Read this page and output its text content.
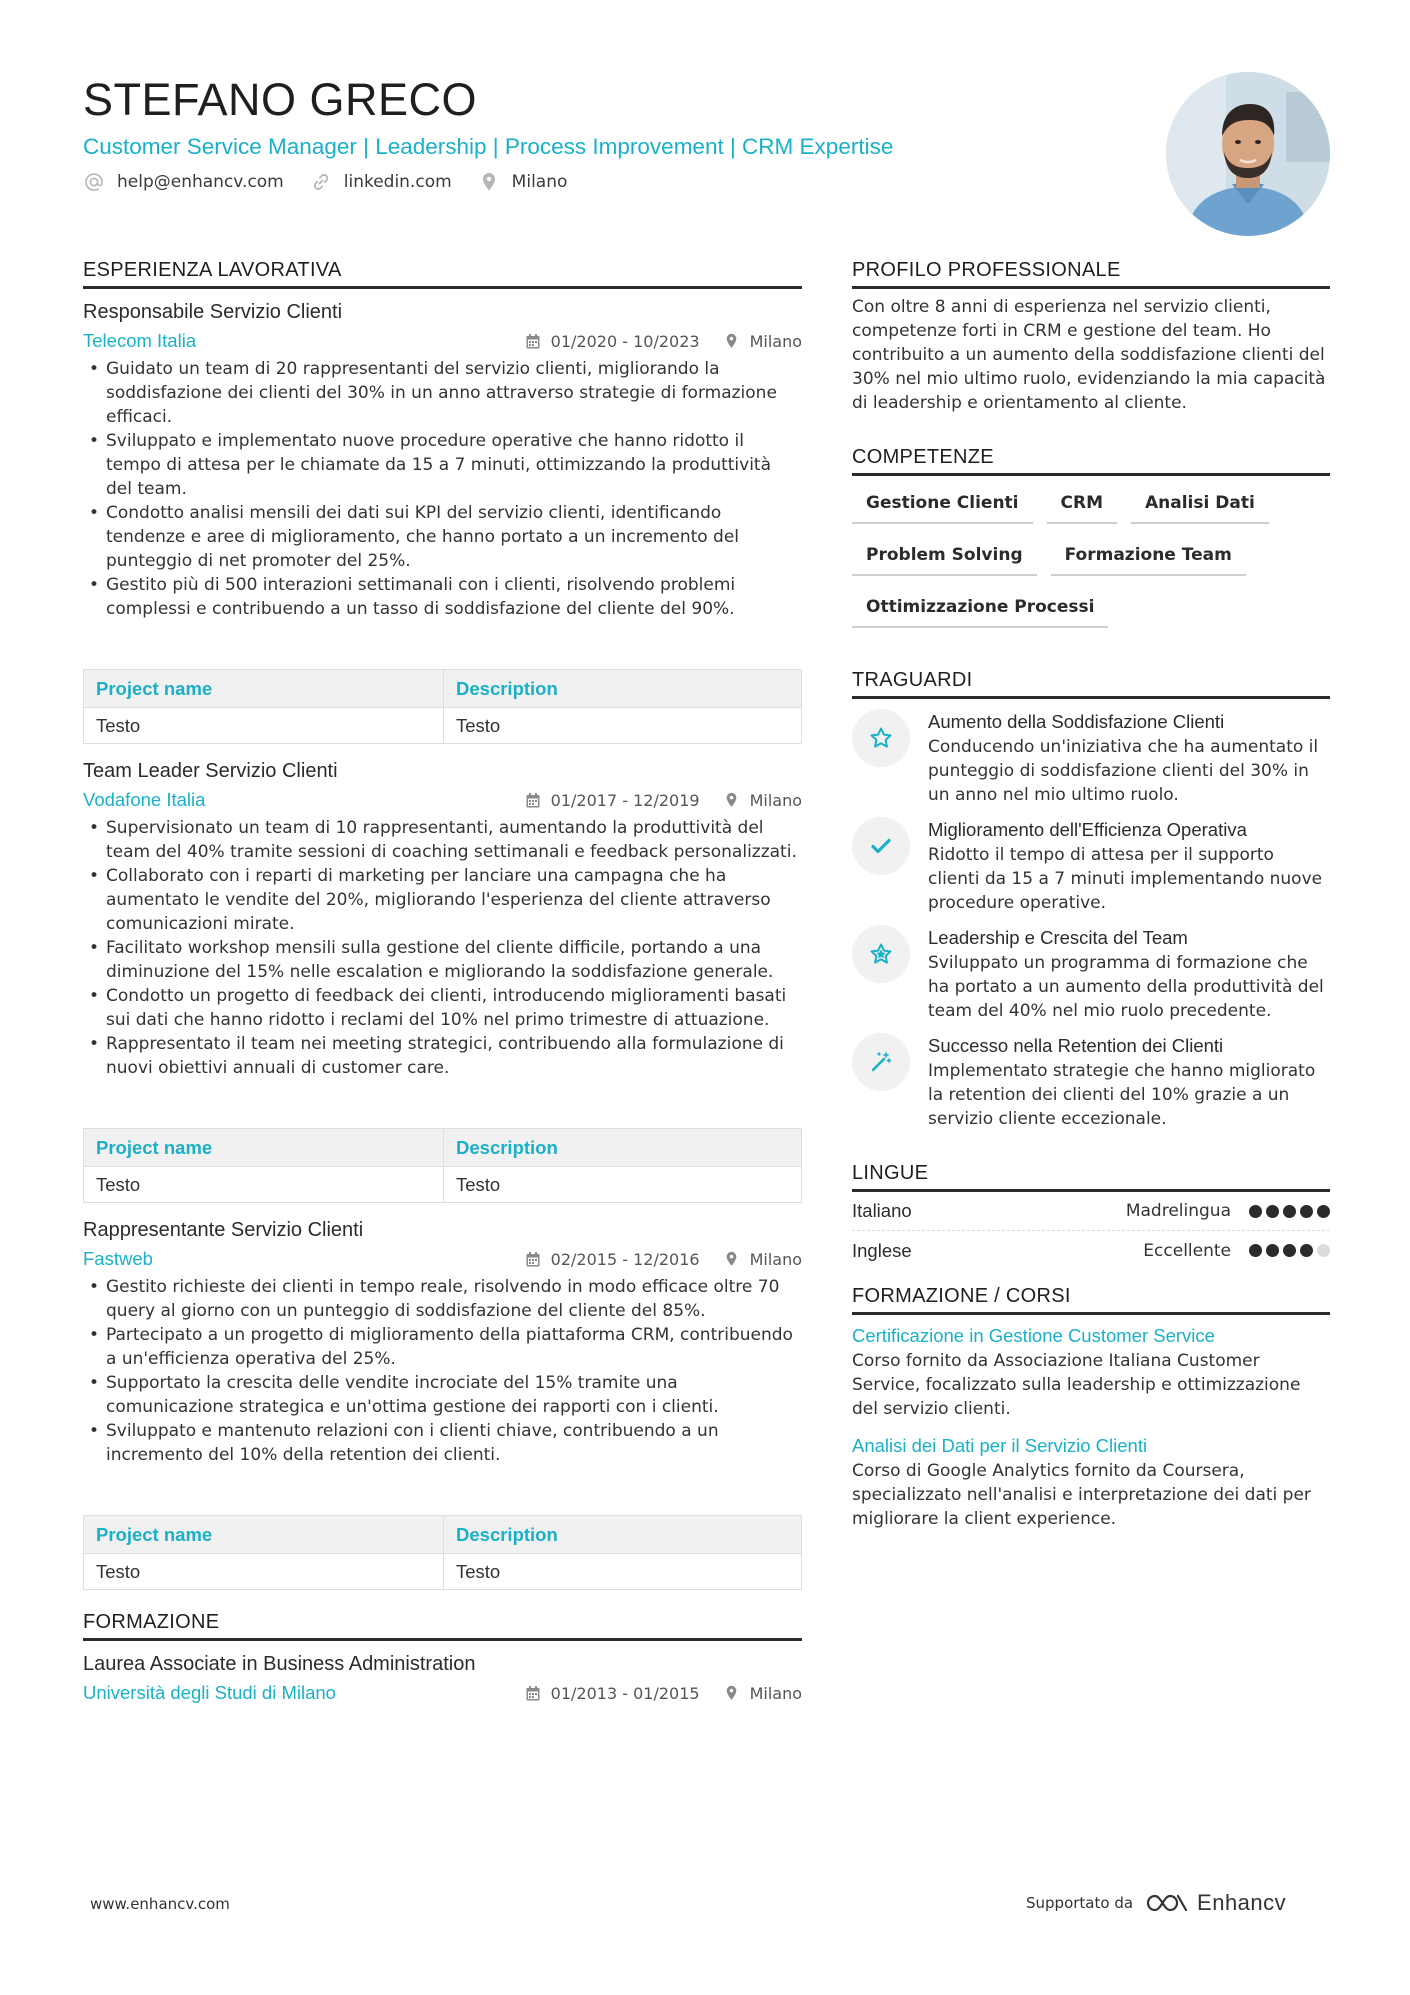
STEFANO GRECO
Customer Service Manager | Leadership | Process Improvement | CRM Expertise
help@enhancv.com	linkedin.com	Milano
ESPERIENZA LAVORATIVA
Responsabile Servizio Clienti
Telecom Italia	01/2020 - 10/2023	Milano
• Guidato un team di 20 rappresentanti del servizio clienti, migliorando la soddisfazione dei clienti del 30% in un anno attraverso strategie di formazione efficaci.
• Sviluppato e implementato nuove procedure operative che hanno ridotto il tempo di attesa per le chiamate da 15 a 7 minuti, ottimizzando la produttività del team.
• Condotto analisi mensili dei dati sui KPI del servizio clienti, identificando tendenze e aree di miglioramento, che hanno portato a un incremento del punteggio di net promoter del 25%.
• Gestito più di 500 interazioni settimanali con i clienti, risolvendo problemi complessi e contribuendo a un tasso di soddisfazione del cliente del 90%.
Project name	Description
Testo	Testo
Team Leader Servizio Clienti
Vodafone Italia	01/2017 - 12/2019	Milano
• Supervisionato un team di 10 rappresentanti, aumentando la produttività del team del 40% tramite sessioni di coaching settimanali e feedback personalizzati.
• Collaborato con i reparti di marketing per lanciare una campagna che ha aumentato le vendite del 20%, migliorando l'esperienza del cliente attraverso comunicazioni mirate.
• Facilitato workshop mensili sulla gestione del cliente difficile, portando a una diminuzione del 15% nelle escalation e migliorando la soddisfazione generale.
• Condotto un progetto di feedback dei clienti, introducendo miglioramenti basati sui dati che hanno ridotto i reclami del 10% nel primo trimestre di attuazione.
• Rappresentato il team nei meeting strategici, contribuendo alla formulazione di nuovi obiettivi annuali di customer care.
Project name	Description
Testo	Testo
Rappresentante Servizio Clienti
Fastweb	02/2015 - 12/2016	Milano
• Gestito richieste dei clienti in tempo reale, risolvendo in modo efficace oltre 70 query al giorno con un punteggio di soddisfazione del cliente del 85%.
• Partecipato a un progetto di miglioramento della piattaforma CRM, contribuendo a un'efficienza operativa del 25%.
• Supportato la crescita delle vendite incrociate del 15% tramite una comunicazione strategica e un'ottima gestione dei rapporti con i clienti.
• Sviluppato e mantenuto relazioni con i clienti chiave, contribuendo a un incremento del 10% della retention dei clienti.
Project name	Description
Testo	Testo
FORMAZIONE
Laurea Associate in Business Administration
Università degli Studi di Milano	01/2013 - 01/2015	Milano
PROFILO PROFESSIONALE
Con oltre 8 anni di esperienza nel servizio clienti, competenze forti in CRM e gestione del team. Ho contribuito a un aumento della soddisfazione clienti del 30% nel mio ultimo ruolo, evidenziando la mia capacità di leadership e orientamento al cliente.
COMPETENZE
Gestione Clienti	CRM	Analisi Dati
Problem Solving	Formazione Team
Ottimizzazione Processi
TRAGUARDI
Aumento della Soddisfazione Clienti
Conducendo un'iniziativa che ha aumentato il punteggio di soddisfazione clienti del 30% in un anno nel mio ultimo ruolo.
Miglioramento dell'Efficienza Operativa
Ridotto il tempo di attesa per il supporto clienti da 15 a 7 minuti implementando nuove procedure operative.
Leadership e Crescita del Team
Sviluppato un programma di formazione che ha portato a un aumento della produttività del team del 40% nel mio ruolo precedente.
Successo nella Retention dei Clienti
Implementato strategie che hanno migliorato la retention dei clienti del 10% grazie a un servizio cliente eccezionale.
LINGUE
Italiano	Madrelingua
Inglese	Eccellente
FORMAZIONE / CORSI
Certificazione in Gestione Customer Service
Corso fornito da Associazione Italiana Customer Service, focalizzato sulla leadership e ottimizzazione del servizio clienti.
Analisi dei Dati per il Servizio Clienti
Corso di Google Analytics fornito da Coursera, specializzato nell'analisi e interpretazione dei dati per migliorare la client experience.
www.enhancv.com	Supportato da	Enhancv
